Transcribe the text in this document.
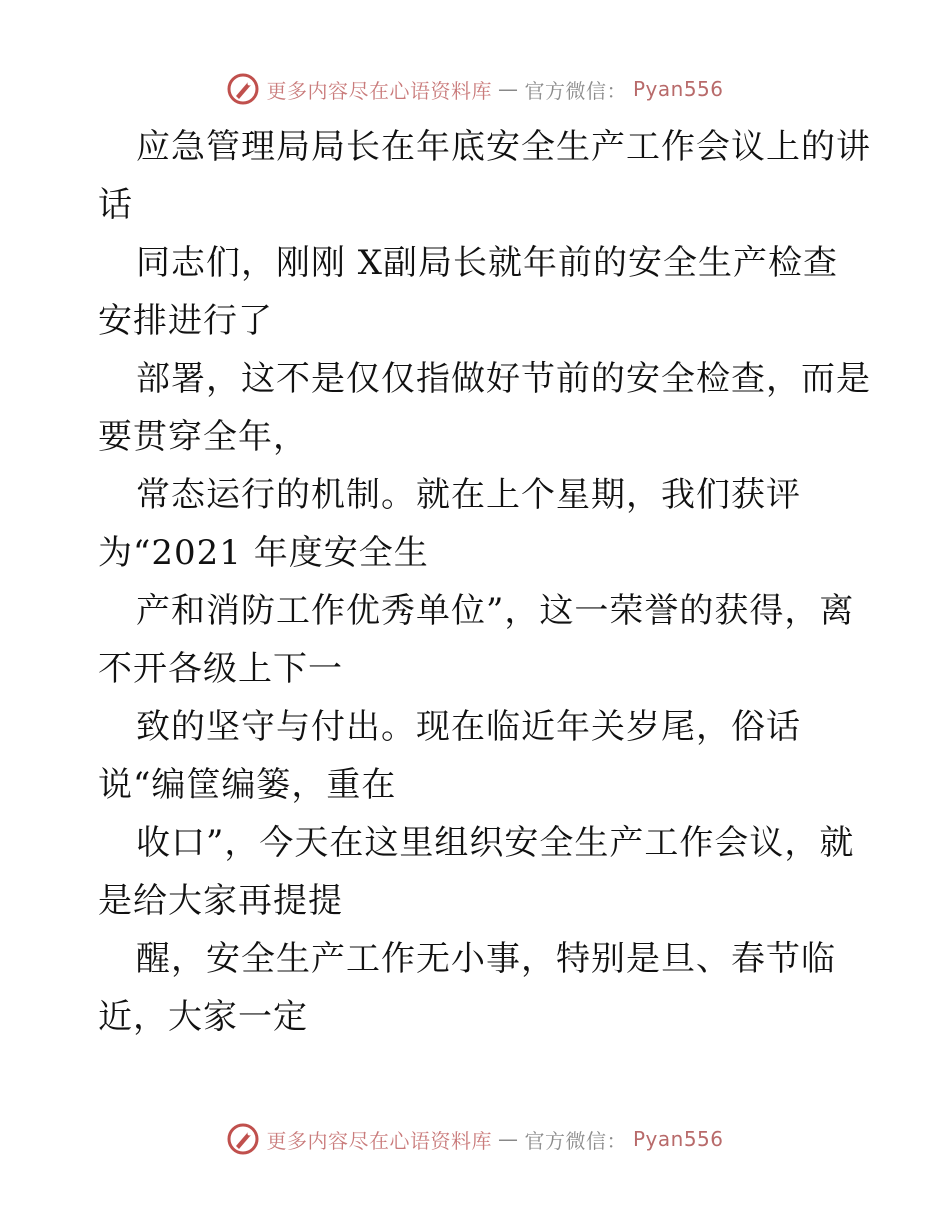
更多内容尽在心语资料库 — 官方微信： Pyan556
应急管理局局长在年底安全生产工作会议上的讲
话
同志们，刚刚 X副局长就年前的安全生产检查
安排进行了
部署，这不是仅仅指做好节前的安全检查，而是
要贯穿全年，
常态运行的机制。就在上个星期，我们获评
为“2021 年度安全生
产和消防工作优秀单位”，这一荣誉的获得，离
不开各级上下一
致的坚守与付出。现在临近年关岁尾，俗话
说“编筐编篓，重在
收口”，今天在这里组织安全生产工作会议，就
是给大家再提提
醒，安全生产工作无小事，特别是旦、春节临
近，大家一定
更多内容尽在心语资料库 — 官方微信： Pyan556
